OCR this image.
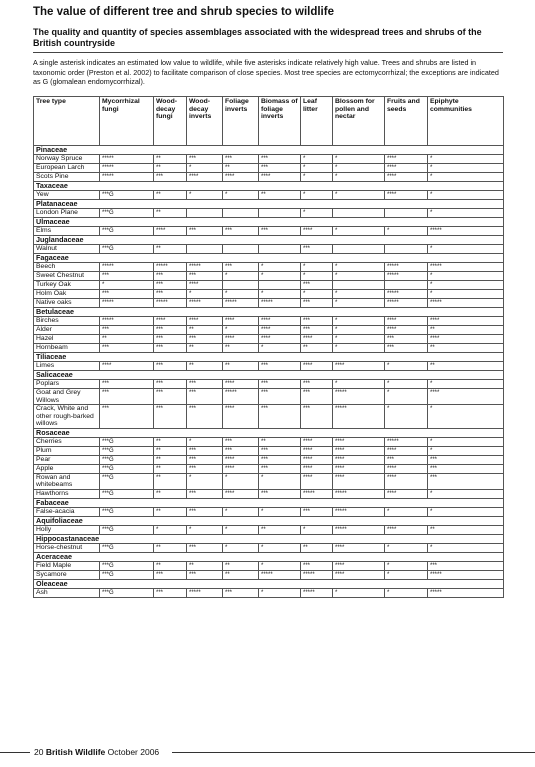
The value of different tree and shrub species to wildlife
The quality and quantity of species assemblages associated with the widespread trees and shrubs of the British countryside
A single asterisk indicates an estimated low value to wildlife, while five asterisks indicate relatively high value. Trees and shrubs are listed in taxonomic order (Preston et al. 2002) to facilitate comparison of close species. Most tree species are ectomycorrhizal; the exceptions are indicated as G (glomalean endomycorrhizal).
Tree type	Mycorrhizal fungi	Wood-decay fungi	Wood-decay inverts	Foliage inverts	Biomass of foliage inverts	Leaf litter	Blossom for pollen and nectar	Fruits and seeds	Epiphyte communities
Pinaceae									
Norway Spruce	*****	**	***	***	***	*	*	****	*
European Larch	*****	**	*	**	***	*	*	****	*
Scots Pine	*****	***	****	****	****	*	*	****	*
Taxaceae									
Yew	***G	**	*	*	**	*	*	****	*
Platanaceae									
London Plane	***G	**				*			*
Ulmaceae									
Elms	***G	****	***	***	***	****	*	*	*****
Juglandaceae									
Walnut	***G	**				***			*
Fagaceae									
Beech	*****	*****	*****	***	*	*	*	*****	*****
Sweet Chestnut	***	***	***	*	*	*	*	*****	*
Turkey Oak	*	***	****			***			*
Holm Oak	***	***	*	*	*	*	*	*****	*
Native oaks	*****	*****	*****	*****	*****	***	*	*****	*****
Betulaceae									
Birches	*****	****	****	****	****	***	*	****	****
Alder	***	***	**	*	****	***	*	****	**
Hazel	**	***	***	****	****	****	*	***	****
Hornbeam	***	***	**	**	*	**	*	***	**
Tiliaceae									
Limes	****	***	**	**	***	****	****	*	**
Salicaceae									
Poplars	***	***	***	****	***	***	*	*	*
Goat and Grey Willows	***	***	***	*****	***	***	*****	*	****
Crack, White and other rough-barked willows	***	***	***	****	***	***	*****	*	*
Rosaceae									
Cherries	***G	**	*	***	**	****	****	*****	*
Plum	***G	**	***	***	***	****	****	****	*
Pear	***G	**	***	****	***	****	****	***	***
Apple	***G	**	***	****	***	****	****	****	***
Rowan and whitebeams	***G	**	*	*	*	****	****	****	***
Hawthorns	***G	**	***	****	***	*****	*****	****	*
Fabaceae									
False-acacia	***G	**	***	*	*	***	*****	*	*
Aquifoliaceae									
Holly	***G	*	*	*	**	*	*****	****	**
Hippocastanaceae									
Horse-chestnut	***G	**	***	*	*	**	****	*	*
Aceraceae									
Field Maple	***G	**	**	**	*	***	****	*	***
Sycamore	***G	***	***	**	*****	*****	****	*	*****
Oleaceae									
Ash	***G	***	*****	***	*	*****	*	*	*****
20 British Wildlife October 2006
